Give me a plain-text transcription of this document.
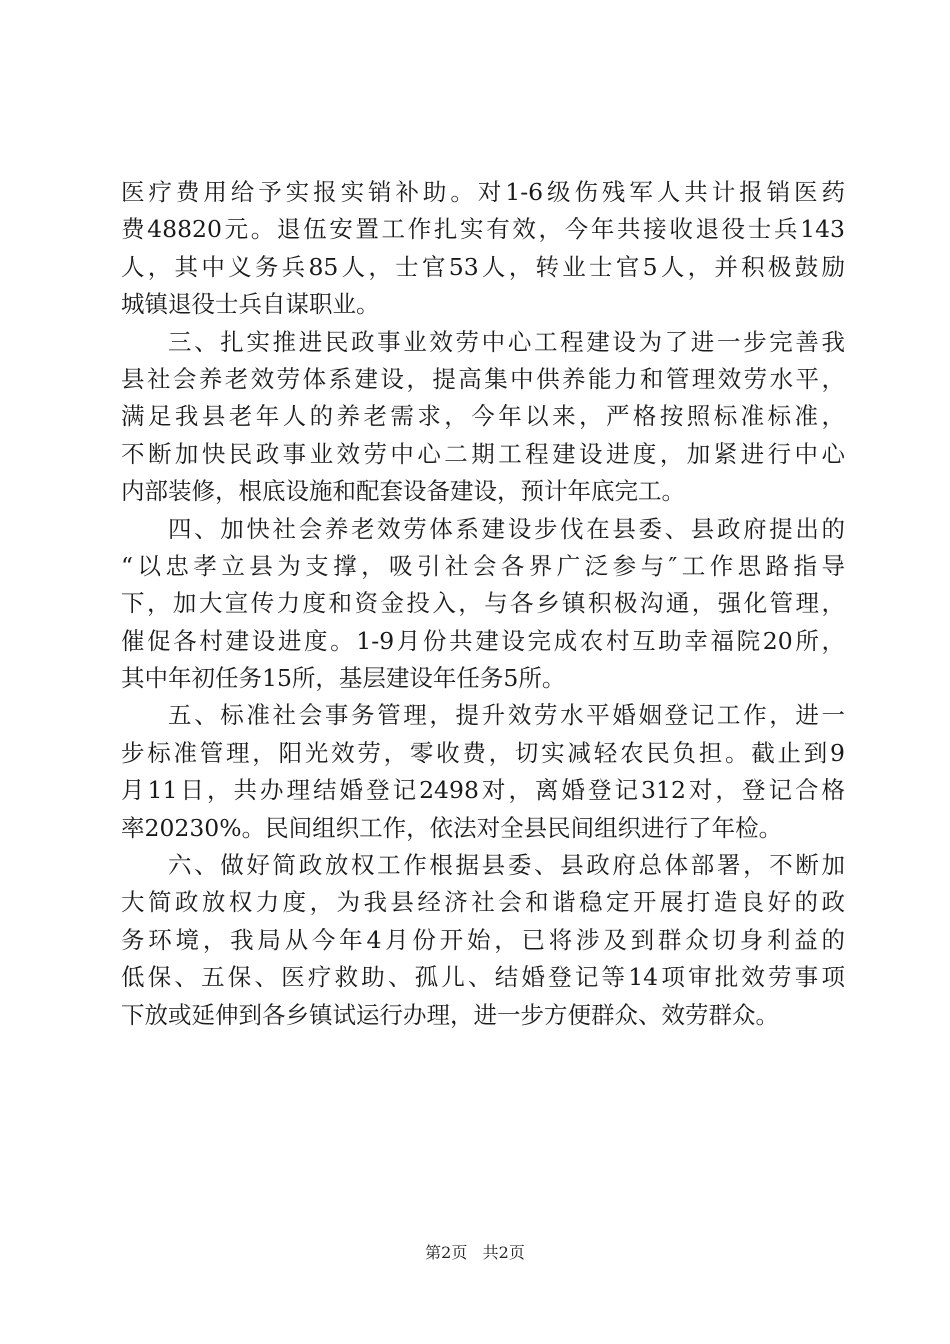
医疗费用给予实报实销补助。对1-6级伤残军人共计报销医药
费48820元。退伍安置工作扎实有效，今年共接收退役士兵143
人，其中义务兵85人，士官53人，转业士官5人，并积极鼓励
城镇退役士兵自谋职业。
三、扎实推进民政事业效劳中心工程建设为了进一步完善我
县社会养老效劳体系建设，提高集中供养能力和管理效劳水平，
满足我县老年人的养老需求，今年以来，严格按照标准标准，
不断加快民政事业效劳中心二期工程建设进度，加紧进行中心
内部装修，根底设施和配套设备建设，预计年底完工。
四、加快社会养老效劳体系建设步伐在县委、县政府提出的
“以忠孝立县为支撑，吸引社会各界广泛参与″工作思路指导
下，加大宣传力度和资金投入，与各乡镇积极沟通，强化管理，
催促各村建设进度。1-9月份共建设完成农村互助幸福院20所，
其中年初任务15所，基层建设年任务5所。
五、标准社会事务管理，提升效劳水平婚姻登记工作，进一
步标准管理，阳光效劳，零收费，切实减轻农民负担。截止到9
月11日，共办理结婚登记2498对，离婚登记312对，登记合格
率20230%。民间组织工作，依法对全县民间组织进行了年检。
六、做好简政放权工作根据县委、县政府总体部署，不断加
大简政放权力度，为我县经济社会和谐稳定开展打造良好的政
务环境，我局从今年4月份开始，已将涉及到群众切身利益的
低保、五保、医疗救助、孤儿、结婚登记等14项审批效劳事项
下放或延伸到各乡镇试运行办理，进一步方便群众、效劳群众。
第2页 共2页
